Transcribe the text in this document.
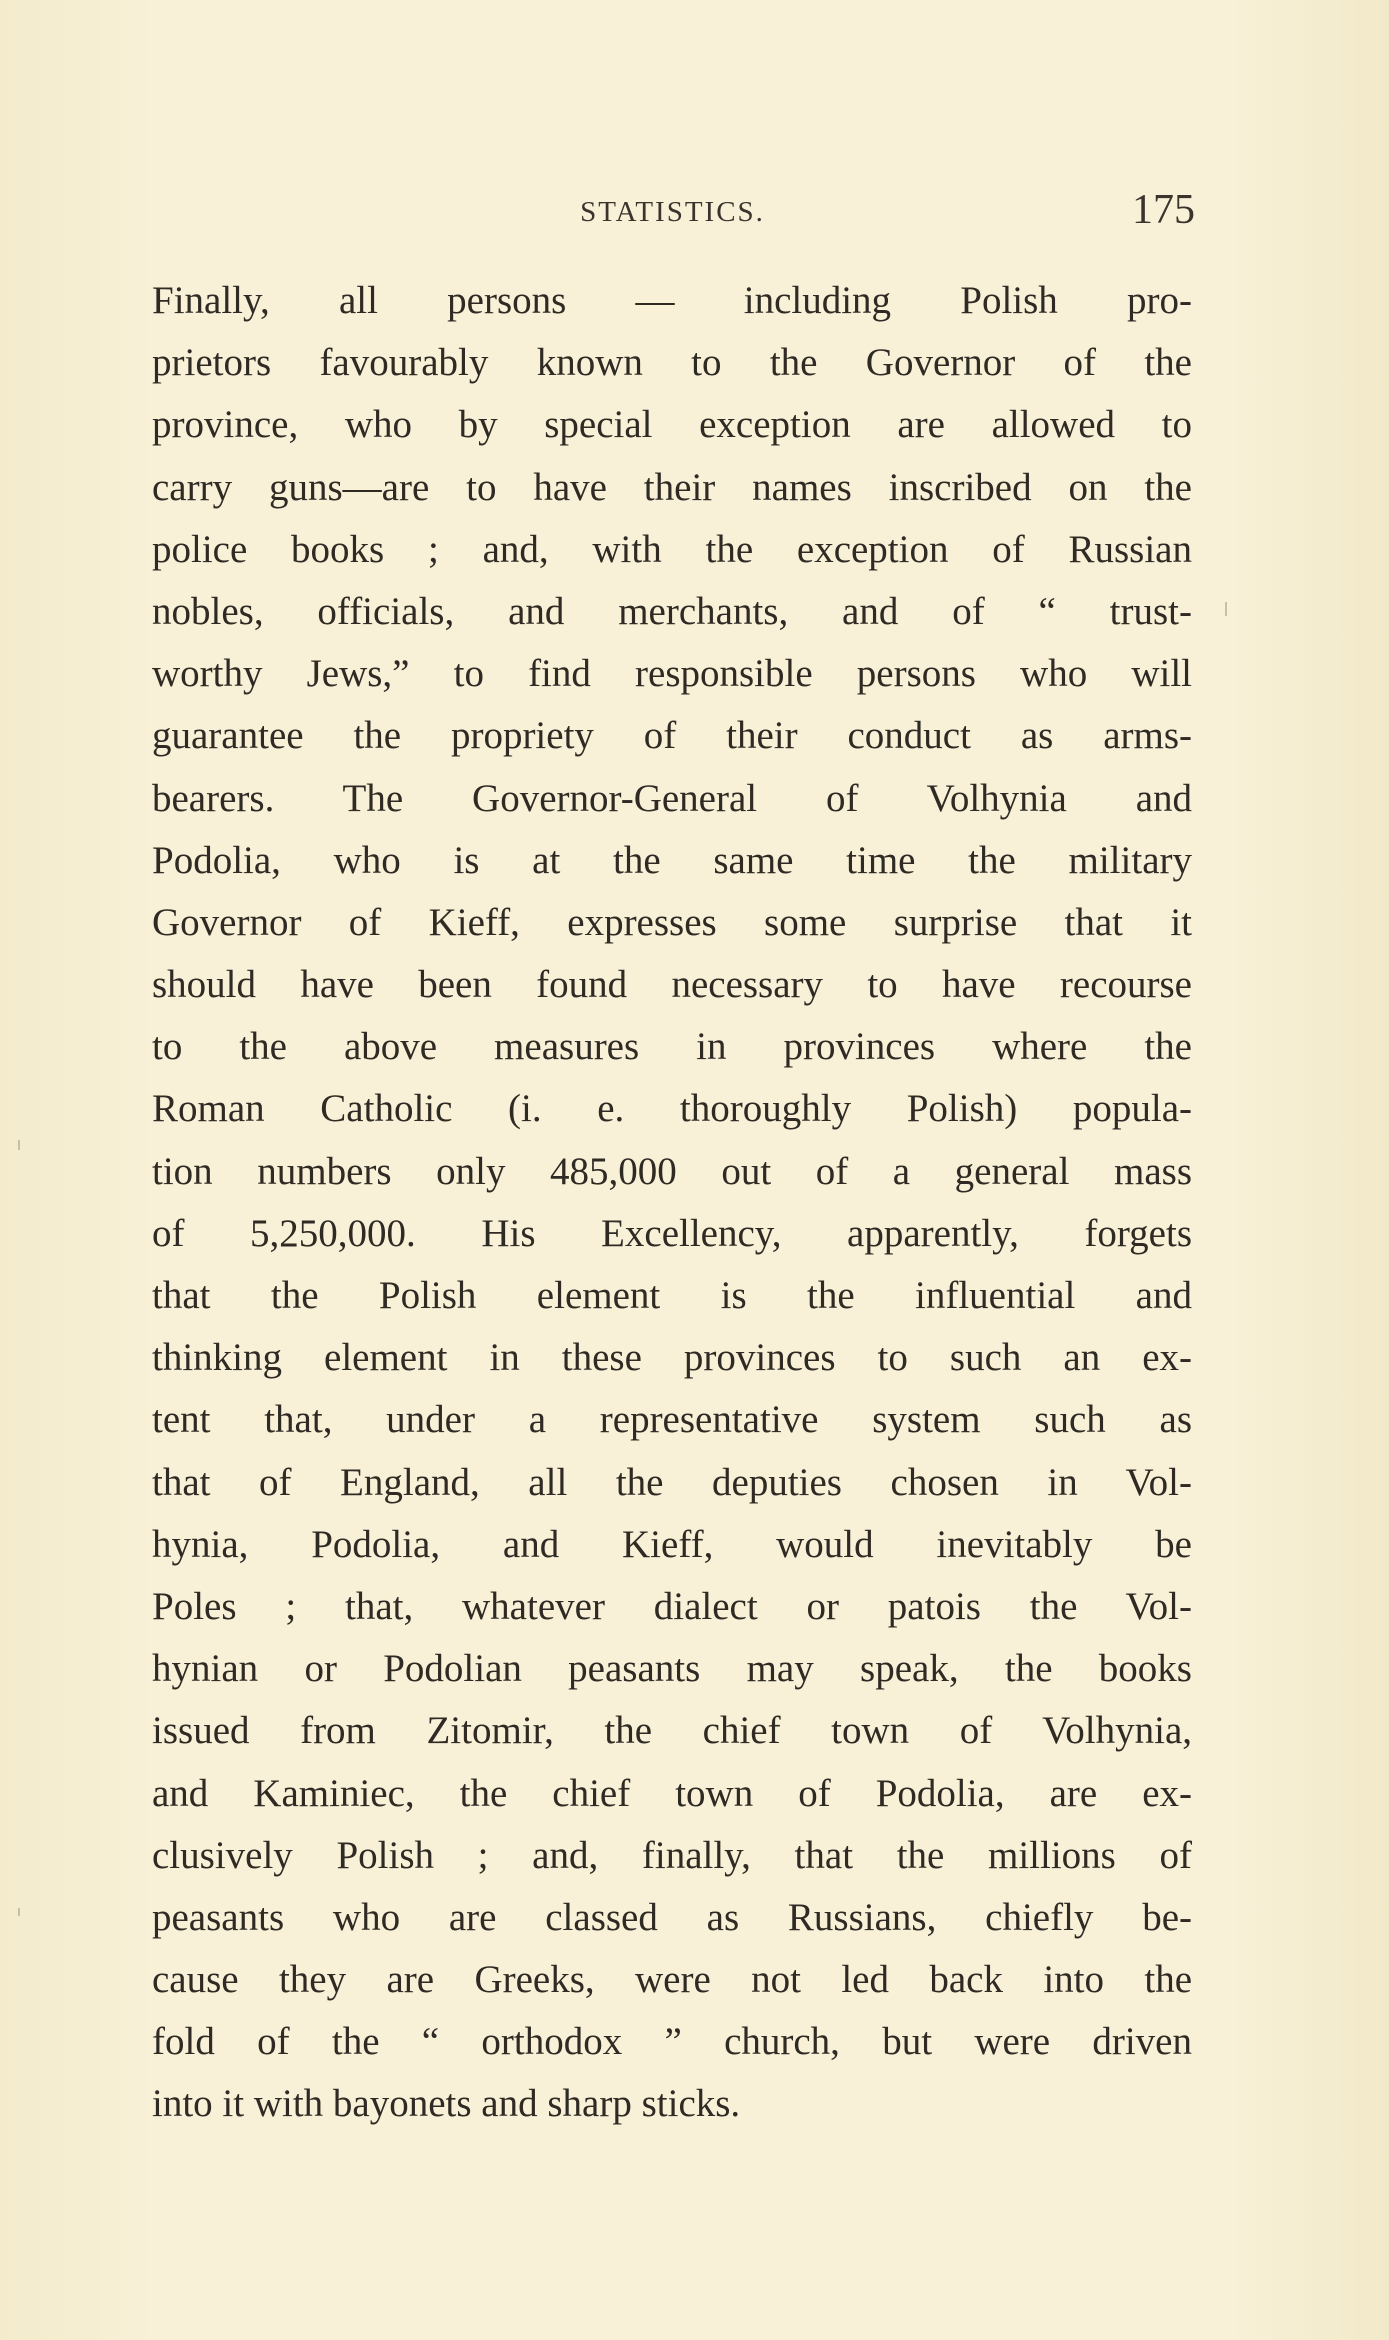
STATISTICS.	175
Finally, all persons — including Polish pro-
prietors favourably known to the Governor of the
province, who by special exception are allowed to
carry guns—are to have their names inscribed on the
police books ; and, with the exception of Russian
nobles, officials, and merchants, and of “ trust-
worthy Jews,” to find responsible persons who will
guarantee the propriety of their conduct as arms-
bearers. The Governor-General of Volhynia and
Podolia, who is at the same time the military
Governor of Kieff, expresses some surprise that it
should have been found necessary to have recourse
to the above measures in provinces where the
Roman Catholic (i. e. thoroughly Polish) popula-
tion numbers only 485,000 out of a general mass
of 5,250,000. His Excellency, apparently, forgets
that the Polish element is the influential and
thinking element in these provinces to such an ex-
tent that, under a representative system such as
that of England, all the deputies chosen in Vol-
hynia, Podolia, and Kieff, would inevitably be
Poles ; that, whatever dialect or patois the Vol-
hynian or Podolian peasants may speak, the books
issued from Zitomir, the chief town of Volhynia,
and Kaminiec, the chief town of Podolia, are ex-
clusively Polish ; and, finally, that the millions of
peasants who are classed as Russians, chiefly be-
cause they are Greeks, were not led back into the
fold of the “ orthodox ” church, but were driven
into it with bayonets and sharp sticks.
